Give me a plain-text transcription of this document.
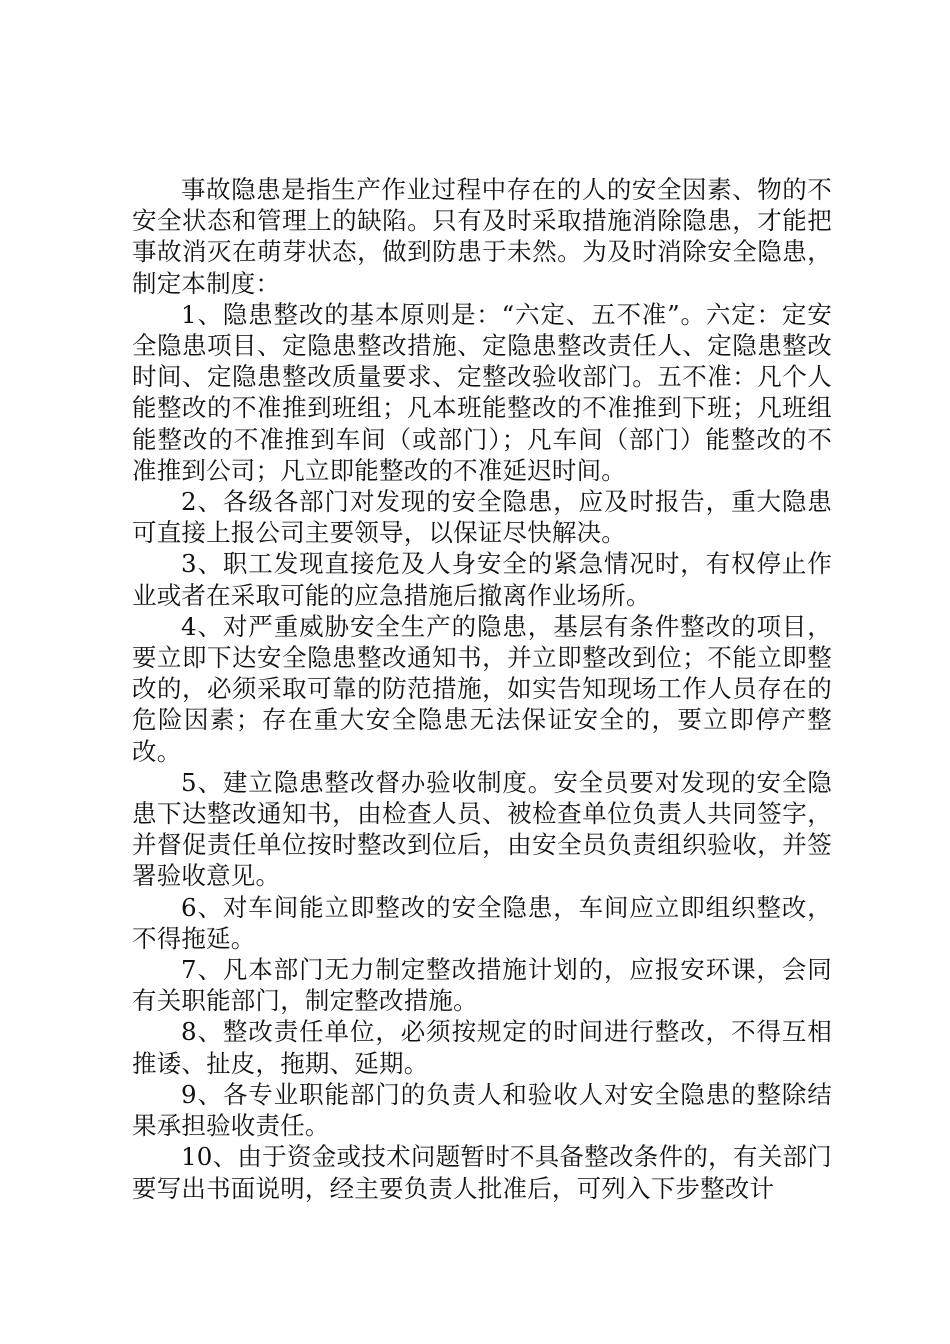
事故隐患是指生产作业过程中存在的人的安全因素、物的不安全状态和管理上的缺陷。只有及时采取措施消除隐患，才能把事故消灭在萌芽状态，做到防患于未然。为及时消除安全隐患，制定本制度：

1、隐患整改的基本原则是：“六定、五不准”。六定：定安全隐患项目、定隐患整改措施、定隐患整改责任人、定隐患整改时间、定隐患整改质量要求、定整改验收部门。五不准：凡个人能整改的不准推到班组；凡本班能整改的不准推到下班；凡班组能整改的不准推到车间（或部门）；凡车间（部门）能整改的不准推到公司；凡立即能整改的不准延迟时间。

2、各级各部门对发现的安全隐患，应及时报告，重大隐患可直接上报公司主要领导，以保证尽快解决。

3、职工发现直接危及人身安全的紧急情况时，有权停止作业或者在采取可能的应急措施后撤离作业场所。

4、对严重威胁安全生产的隐患，基层有条件整改的项目，要立即下达安全隐患整改通知书，并立即整改到位；不能立即整改的，必须采取可靠的防范措施，如实告知现场工作人员存在的危险因素；存在重大安全隐患无法保证安全的，要立即停产整改。

5、建立隐患整改督办验收制度。安全员要对发现的安全隐患下达整改通知书，由检查人员、被检查单位负责人共同签字，并督促责任单位按时整改到位后，由安全员负责组织验收，并签署验收意见。

6、对车间能立即整改的安全隐患，车间应立即组织整改，不得拖延。

7、凡本部门无力制定整改措施计划的，应报安环课，会同有关职能部门，制定整改措施。

8、整改责任单位，必须按规定的时间进行整改，不得互相推诿、扯皮，拖期、延期。

9、各专业职能部门的负责人和验收人对安全隐患的整除结果承担验收责任。

10、由于资金或技术问题暂时不具备整改条件的，有关部门要写出书面说明，经主要负责人批准后，可列入下步整改计
